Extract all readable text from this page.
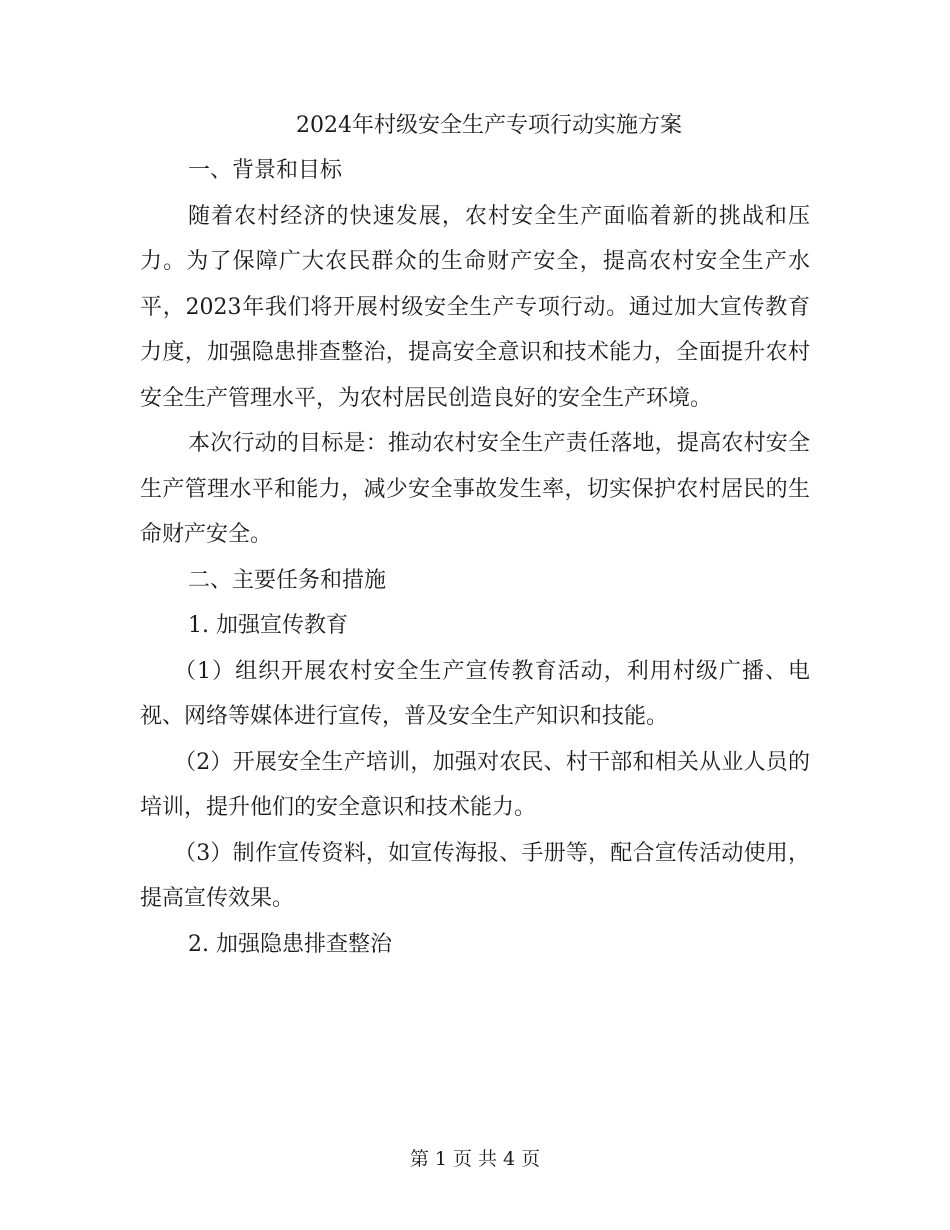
2024年村级安全生产专项行动实施方案

一、背景和目标

随着农村经济的快速发展，农村安全生产面临着新的挑战和压力。为了保障广大农民群众的生命财产安全，提高农村安全生产水平，2023年我们将开展村级安全生产专项行动。通过加大宣传教育力度，加强隐患排查整治，提高安全意识和技术能力，全面提升农村安全生产管理水平，为农村居民创造良好的安全生产环境。

本次行动的目标是：推动农村安全生产责任落地，提高农村安全生产管理水平和能力，减少安全事故发生率，切实保护农村居民的生命财产安全。

二、主要任务和措施

1. 加强宣传教育

（1）组织开展农村安全生产宣传教育活动，利用村级广播、电视、网络等媒体进行宣传，普及安全生产知识和技能。

（2）开展安全生产培训，加强对农民、村干部和相关从业人员的培训，提升他们的安全意识和技术能力。

（3）制作宣传资料，如宣传海报、手册等，配合宣传活动使用，提高宣传效果。

2. 加强隐患排查整治

第 1 页 共 4 页
